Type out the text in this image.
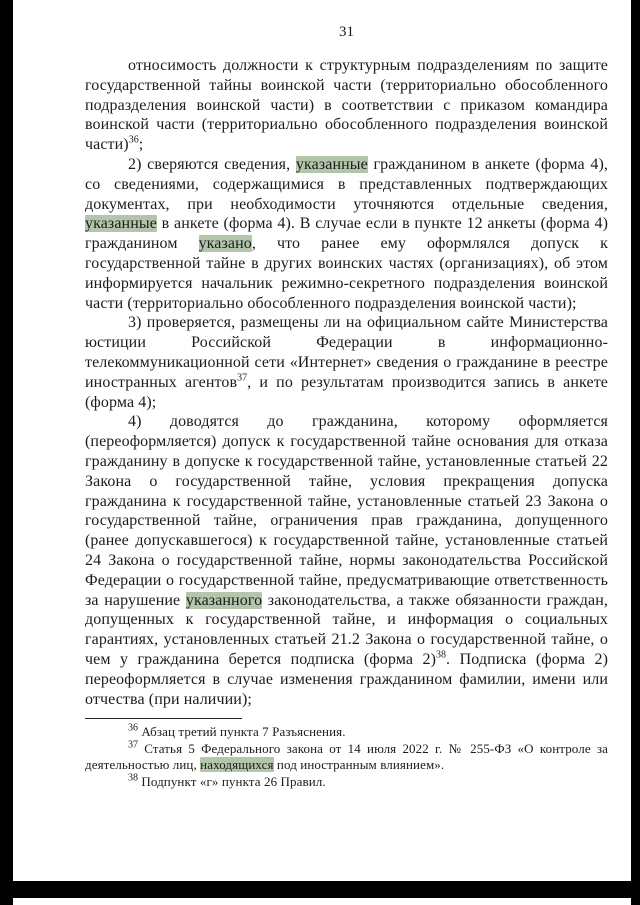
31

относимость должности к структурным подразделениям по защите государственной тайны воинской части (территориально обособленного подразделения воинской части) в соответствии с приказом командира воинской части (территориально обособленного подразделения воинской части)$^{36}$;

2) сверяются сведения, указанные гражданином в анкете (форма 4), со сведениями, содержащимися в представленных подтверждающих документах, при необходимости уточняются отдельные сведения, указанные в анкете (форма 4). В случае если в пункте 12 анкеты (форма 4) гражданином указано, что ранее ему оформлялся допуск к государственной тайне в других воинских частях (организациях), об этом информируется начальник режимно-секретного подразделения воинской части (территориально обособленного подразделения воинской части);

3) проверяется, размещены ли на официальном сайте Министерства юстиции Российской Федерации в информационно-телекоммуникационной сети «Интернет» сведения о гражданине в реестре иностранных агентов$^{37}$, и по результатам производится запись в анкете (форма 4);

4) доводятся до гражданина, которому оформляется (переоформляется) допуск к государственной тайне основания для отказа гражданину в допуске к государственной тайне, установленные статьей 22 Закона о государственной тайне, условия прекращения допуска гражданина к государственной тайне, установленные статьей 23 Закона о государственной тайне, ограничения прав гражданина, допущенного (ранее допускавшегося) к государственной тайне, установленные статьей 24 Закона о государственной тайне, нормы законодательства Российской Федерации о государственной тайне, предусматривающие ответственность за нарушение указанного законодательства, а также обязанности граждан, допущенных к государственной тайне, и информация о социальных гарантиях, установленных статьей 21.2 Закона о государственной тайне, о чем у гражданина берется подписка (форма 2)$^{38}$. Подписка (форма 2) переоформляется в случае изменения гражданином фамилии, имени или отчества (при наличии);

$^{36}$ Абзац третий пункта 7 Разъяснения.

$^{37}$ Статья 5 Федерального закона от 14 июля 2022 г. № 255-ФЗ «О контроле за деятельностью лиц, находящихся под иностранным влиянием».

$^{38}$ Подпункт «г» пункта 26 Правил.
